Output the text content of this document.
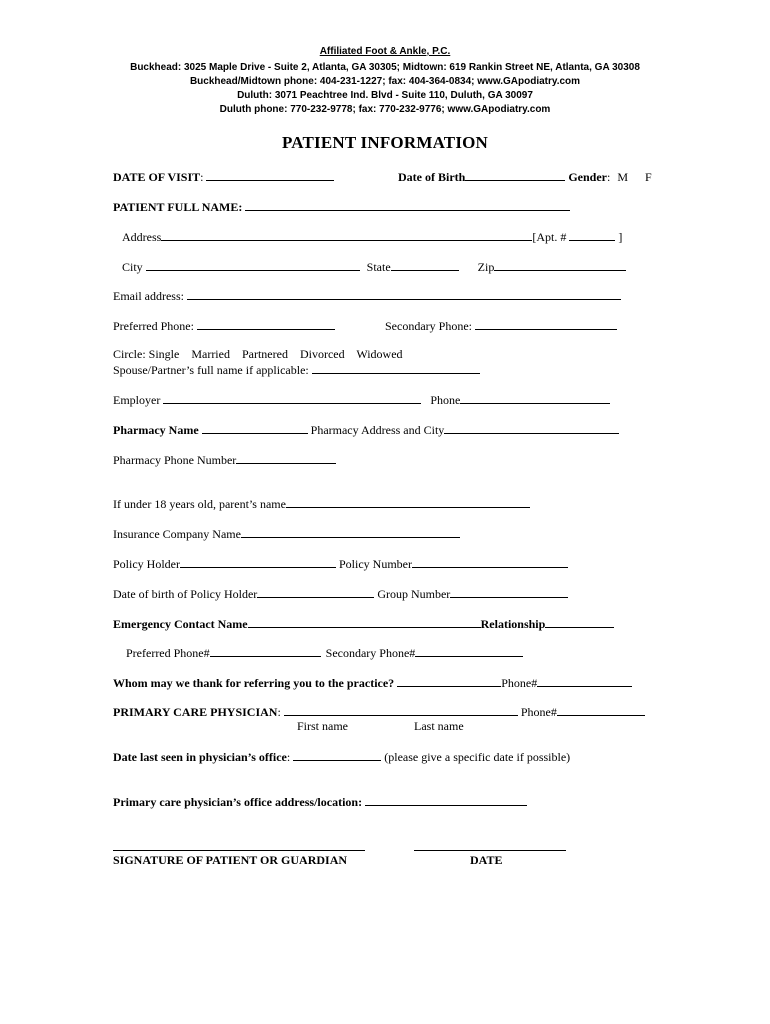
Affiliated Foot & Ankle, P.C.
Buckhead: 3025 Maple Drive - Suite 2, Atlanta, GA 30305; Midtown: 619 Rankin Street NE, Atlanta, GA 30308
Buckhead/Midtown phone: 404-231-1227; fax: 404-364-0834; www.GApodiatry.com
Duluth: 3071 Peachtree Ind. Blvd - Suite 110, Duluth, GA 30097
Duluth phone: 770-232-9778; fax: 770-232-9776; www.GApodiatry.com
PATIENT INFORMATION
DATE OF VISIT:	Date of Birth	Gender: M F
PATIENT FULL NAME:
Address	[Apt. #	]
City	State	Zip
Email address:
Preferred Phone:	Secondary Phone:
Circle: Single    Married    Partnered    Divorced    Widowed
Spouse/Partner’s full name if applicable:
Employer	Phone
Pharmacy Name	Pharmacy Address and City
Pharmacy Phone Number
If under 18 years old, parent’s name
Insurance Company Name
Policy Holder	Policy Number
Date of birth of Policy Holder	Group Number
Emergency Contact Name	Relationship
Preferred Phone#	Secondary Phone#
Whom may we thank for referring you to the practice?	Phone#
PRIMARY CARE PHYSICIAN:	Phone#
First name	Last name
Date last seen in physician’s office:	(please give a specific date if possible)
Primary care physician’s office address/location:
SIGNATURE OF PATIENT OR GUARDIAN	DATE
